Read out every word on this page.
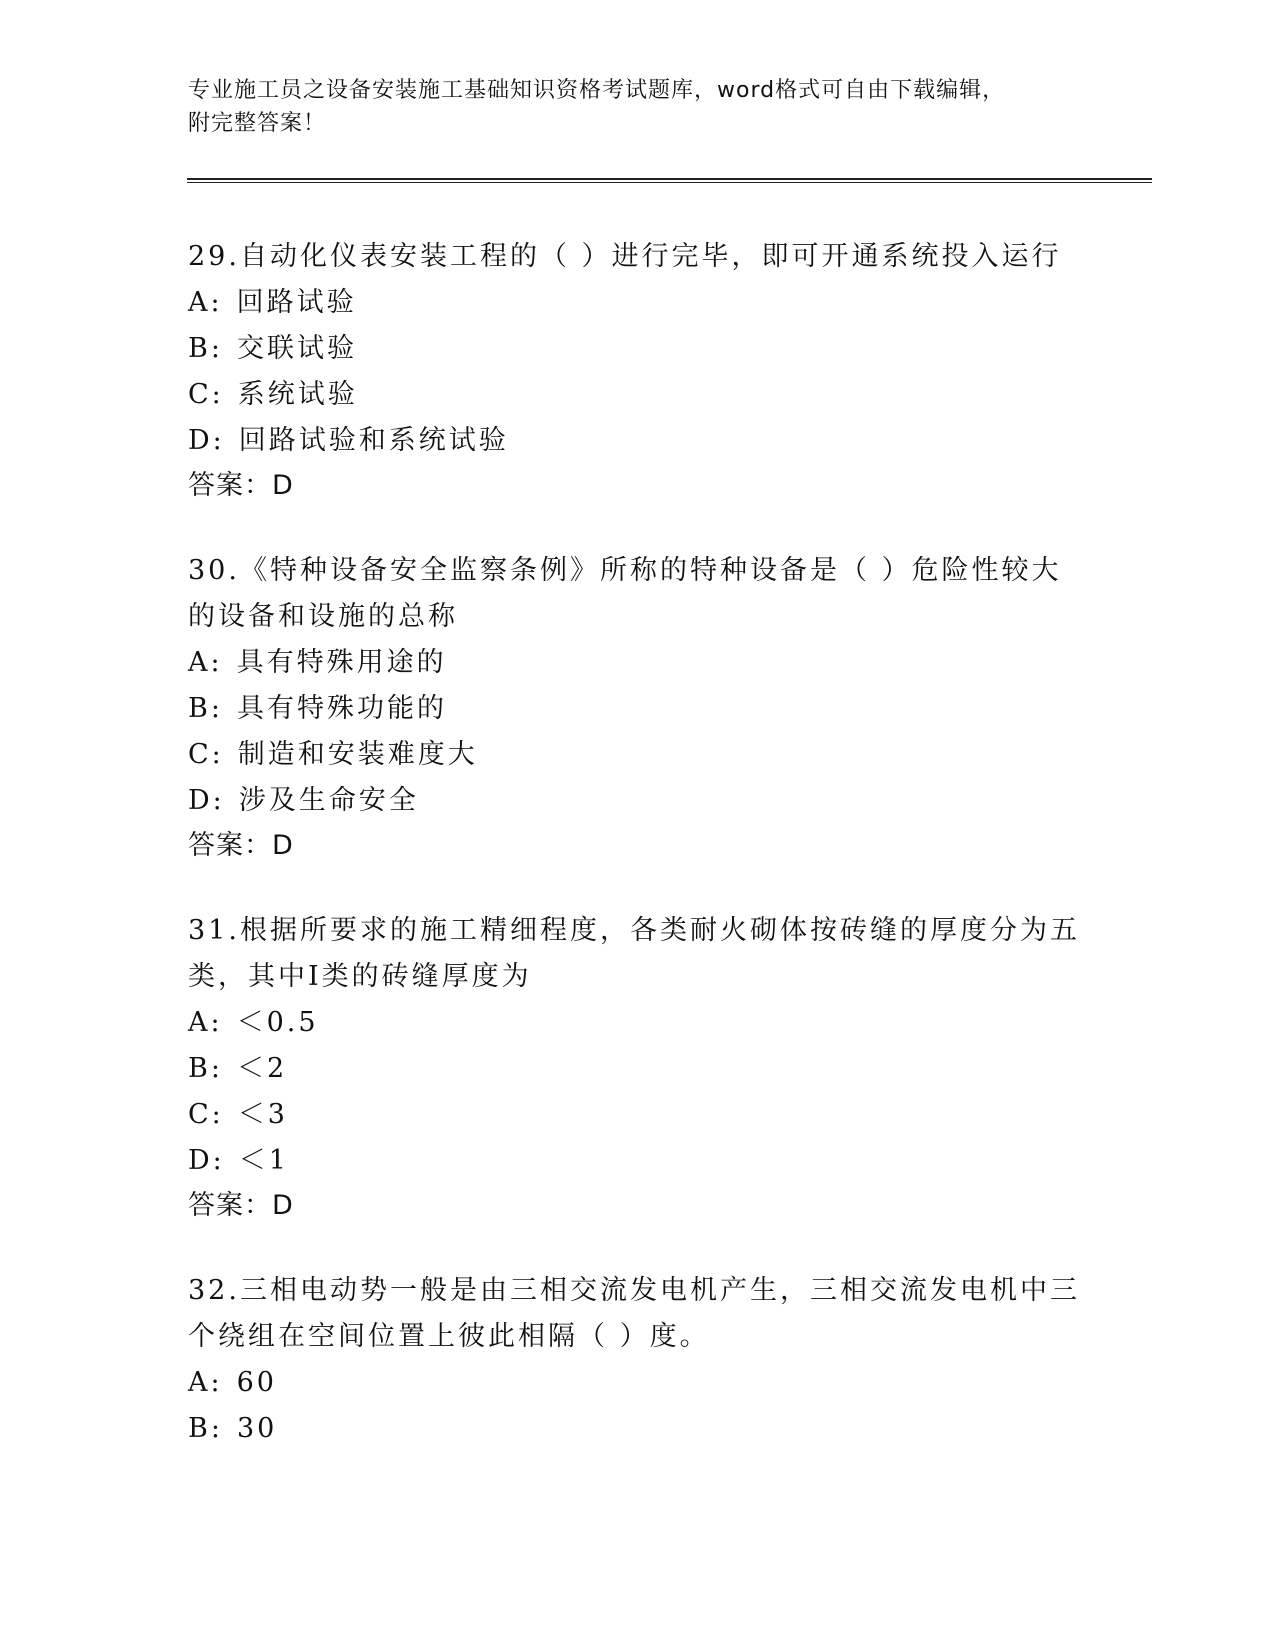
专业施工员之设备安装施工基础知识资格考试题库，word格式可自由下载编辑，

附完整答案！

29.自动化仪表安装工程的（ ）进行完毕，即可开通系统投入运行

A: 回路试验

B: 交联试验

C: 系统试验

D: 回路试验和系统试验

答案：D

30.《特种设备安全监察条例》所称的特种设备是（ ）危险性较大的设备和设施的总称

A: 具有特殊用途的

B: 具有特殊功能的

C: 制造和安装难度大

D: 涉及生命安全

答案：D

31.根据所要求的施工精细程度，各类耐火砌体按砖缝的厚度分为五类，其中Ⅰ类的砖缝厚度为

A: ＜0.5

B: ＜2

C: ＜3

D: ＜1

答案：D

32.三相电动势一般是由三相交流发电机产生，三相交流发电机中三个绕组在空间位置上彼此相隔（ ）度。

A: 60

B: 30
